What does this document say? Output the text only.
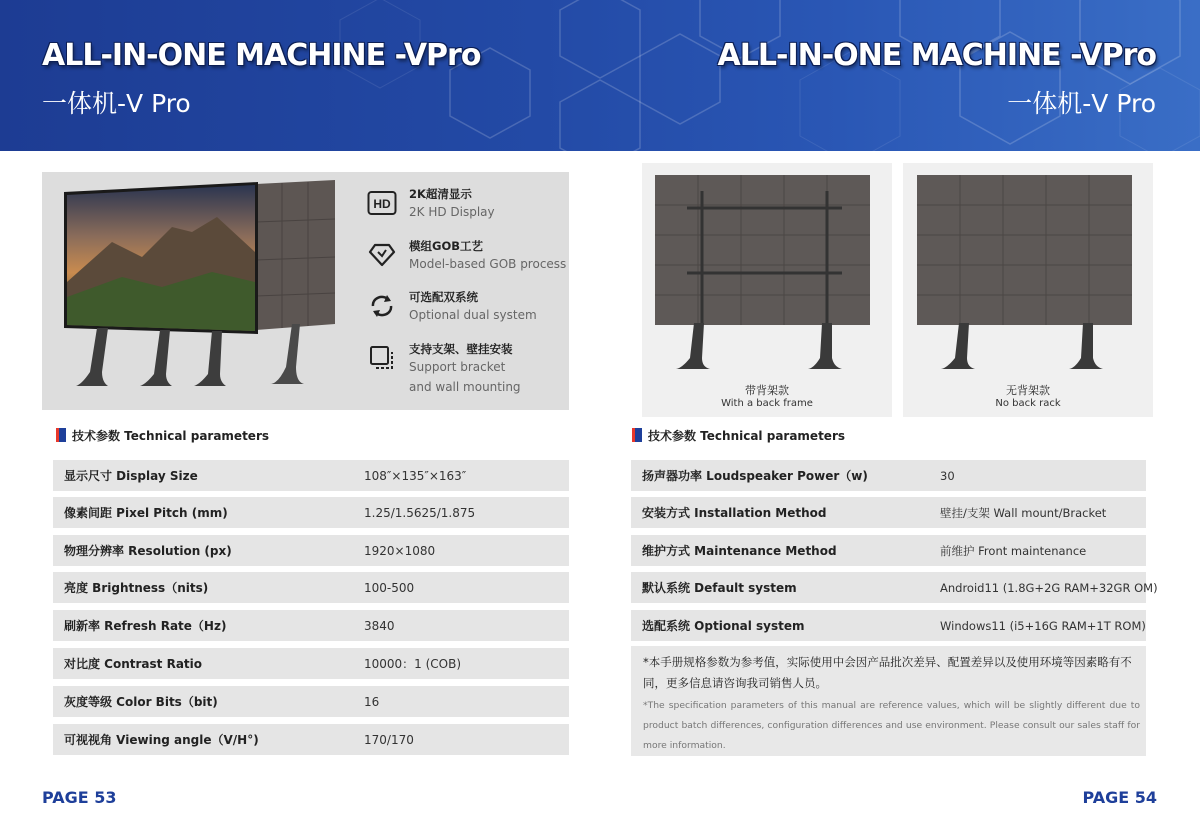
ALL-IN-ONE MACHINE -VPro
一体机-V Pro
ALL-IN-ONE MACHINE -VPro
一体机-V Pro
HD
2K超清显示
2K HD Display
模组GOB工艺
Model-based GOB process
可选配双系统
Optional dual system
支持支架、壁挂安装
Support bracket
and wall mounting	带背架款
With a back frame
无背架款
No back rack
技术参数 Technical parameters	技术参数 Technical parameters
显示尺寸 Display Size	108″×135″×163″
像素间距 Pixel Pitch (mm)	1.25/1.5625/1.875
物理分辨率 Resolution (px)	1920×1080
亮度 Brightness（nits)	100-500
刷新率 Refresh Rate（Hz)	3840
对比度 Contrast Ratio	10000：1 (COB)
灰度等级 Color Bits（bit)	16
可视视角 Viewing angle（V/H°)	170/170
扬声器功率 Loudspeaker Power（w)	30
安装方式 Installation Method	壁挂/支架 Wall mount/Bracket
维护方式 Maintenance Method	前维护 Front maintenance
默认系统 Default system	Android11 (1.8G+2G RAM+32GR OM)
选配系统 Optional system	Windows11 (i5+16G RAM+1T ROM)
*本手册规格参数为参考值，实际使用中会因产品批次差异、配置差异以及使用环境等因素略有不同，更多信息请咨询我司销售人员。
*The specification parameters of this manual are reference values, which will be slightly different due to product batch differences, configuration differences and use environment. Please consult our sales staff for more information.
PAGE 53	PAGE 54
